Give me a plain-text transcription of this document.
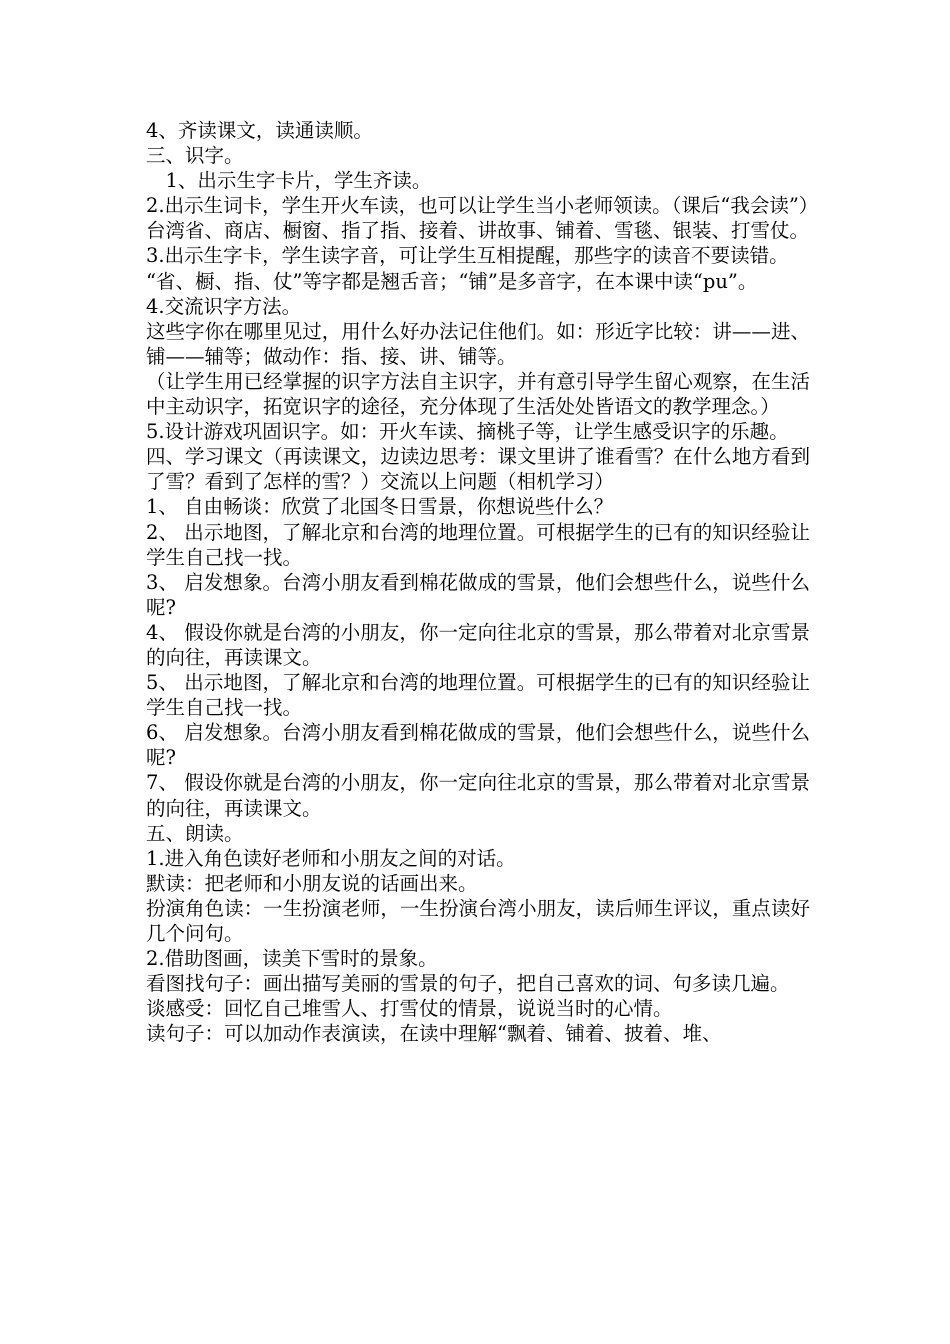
4、齐读课文，读通读顺。

三、识字。

　1、出示生字卡片，学生齐读。

2.出示生词卡，学生开火车读，也可以让学生当小老师领读。（课后“我会读”）

台湾省、商店、橱窗、指了指、接着、讲故事、铺着、雪毯、银装、打雪仗。

3.出示生字卡，学生读字音，可让学生互相提醒，那些字的读音不要读错。

“省、橱、指、仗”等字都是翘舌音；“铺”是多音字，在本课中读“pu”。

4.交流识字方法。

这些字你在哪里见过，用什么好办法记住他们。如：形近字比较：讲——进、铺——辅等；做动作：指、接、讲、铺等。

（让学生用已经掌握的识字方法自主识字，并有意引导学生留心观察，在生活中主动识字，拓宽识字的途径，充分体现了生活处处皆语文的教学理念。）

5.设计游戏巩固识字。如：开火车读、摘桃子等，让学生感受识字的乐趣。

四、学习课文（再读课文，边读边思考：课文里讲了谁看雪？在什么地方看到了雪？看到了怎样的雪？）交流以上问题（相机学习）

1、 自由畅谈：欣赏了北国冬日雪景，你想说些什么？

2、 出示地图，了解北京和台湾的地理位置。可根据学生的已有的知识经验让学生自己找一找。

3、 启发想象。台湾小朋友看到棉花做成的雪景，他们会想些什么，说些什么呢?

4、 假设你就是台湾的小朋友，你一定向往北京的雪景，那么带着对北京雪景的向往，再读课文。

5、 出示地图，了解北京和台湾的地理位置。可根据学生的已有的知识经验让学生自己找一找。

6、 启发想象。台湾小朋友看到棉花做成的雪景，他们会想些什么，说些什么呢?

7、 假设你就是台湾的小朋友，你一定向往北京的雪景，那么带着对北京雪景的向往，再读课文。

五、朗读。

1.进入角色读好老师和小朋友之间的对话。

默读：把老师和小朋友说的话画出来。

扮演角色读：一生扮演老师，一生扮演台湾小朋友，读后师生评议，重点读好几个问句。

2.借助图画，读美下雪时的景象。

看图找句子：画出描写美丽的雪景的句子，把自己喜欢的词、句多读几遍。

谈感受：回忆自己堆雪人、打雪仗的情景，说说当时的心情。

读句子：可以加动作表演读，在读中理解“飘着、铺着、披着、堆、
